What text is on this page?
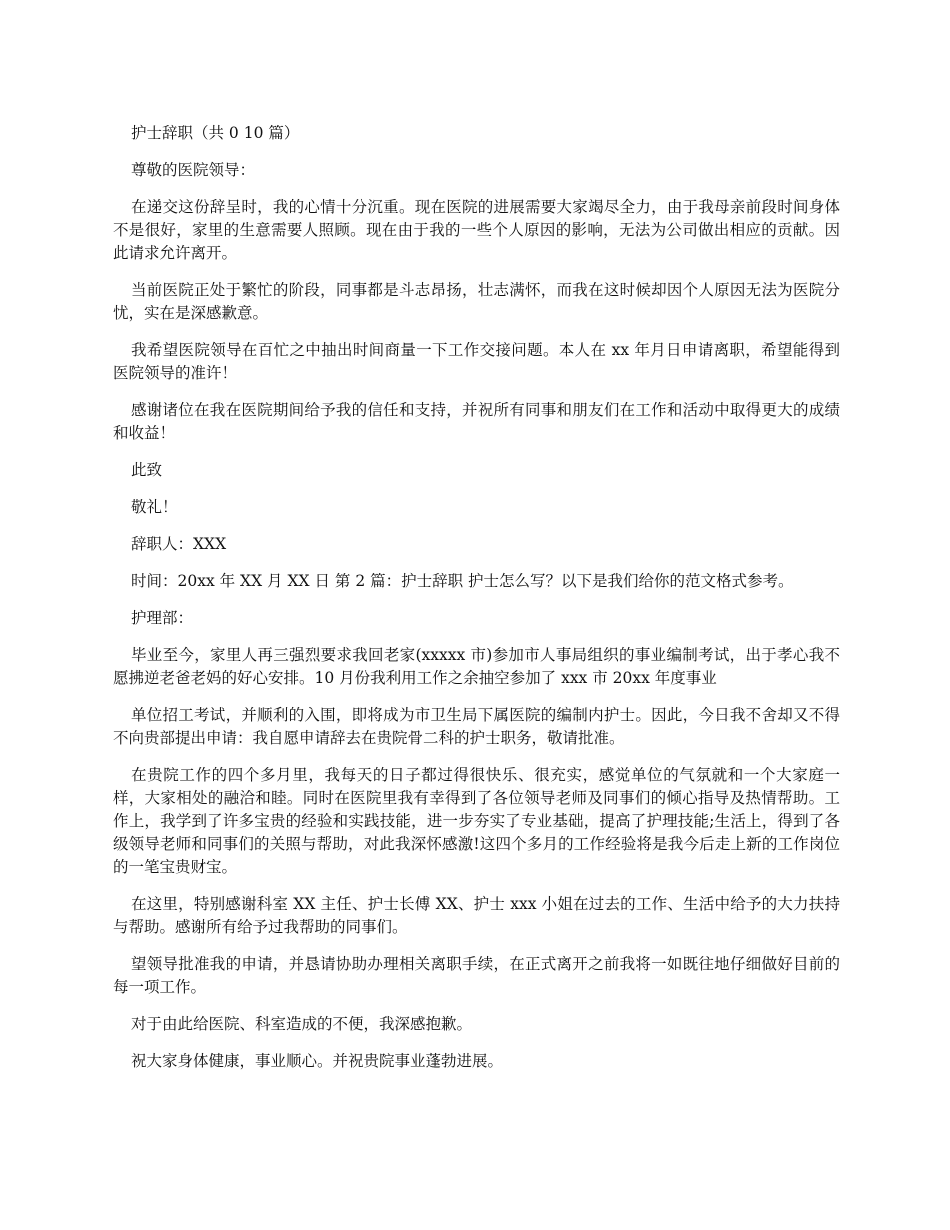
护士辞职（共 0 10 篇）

尊敬的医院领导：

在递交这份辞呈时，我的心情十分沉重。现在医院的进展需要大家竭尽全力，由于我母亲前段时间身体不是很好，家里的生意需要人照顾。现在由于我的一些个人原因的影响，无法为公司做出相应的贡献。因此请求允许离开。

当前医院正处于繁忙的阶段，同事都是斗志昂扬，壮志满怀，而我在这时候却因个人原因无法为医院分忧，实在是深感歉意。

我希望医院领导在百忙之中抽出时间商量一下工作交接问题。本人在 xx 年月日申请离职，希望能得到医院领导的准许！

感谢诸位在我在医院期间给予我的信任和支持，并祝所有同事和朋友们在工作和活动中取得更大的成绩和收益！

此致

敬礼！

辞职人：XXX

时间：20xx 年 XX 月 XX 日 第 2 篇：护士辞职 护士怎么写？以下是我们给你的范文格式参考。

护理部：

毕业至今，家里人再三强烈要求我回老家(xxxxx 市)参加市人事局组织的事业编制考试，出于孝心我不愿拂逆老爸老妈的好心安排。10 月份我利用工作之余抽空参加了 xxx 市 20xx 年度事业

单位招工考试，并顺利的入围，即将成为市卫生局下属医院的编制内护士。因此，今日我不舍却又不得不向贵部提出申请：我自愿申请辞去在贵院骨二科的护士职务，敬请批准。

在贵院工作的四个多月里，我每天的日子都过得很快乐、很充实，感觉单位的气氛就和一个大家庭一样，大家相处的融洽和睦。同时在医院里我有幸得到了各位领导老师及同事们的倾心指导及热情帮助。工作上，我学到了许多宝贵的经验和实践技能，进一步夯实了专业基础，提高了护理技能;生活上，得到了各级领导老师和同事们的关照与帮助，对此我深怀感激!这四个多月的工作经验将是我今后走上新的工作岗位的一笔宝贵财宝。

在这里，特别感谢科室 XX 主任、护士长傅 XX、护士 xxx 小姐在过去的工作、生活中给予的大力扶持与帮助。感谢所有给予过我帮助的同事们。

望领导批准我的申请，并恳请协助办理相关离职手续，在正式离开之前我将一如既往地仔细做好目前的每一项工作。

对于由此给医院、科室造成的不便，我深感抱歉。

祝大家身体健康，事业顺心。并祝贵院事业蓬勃进展。
